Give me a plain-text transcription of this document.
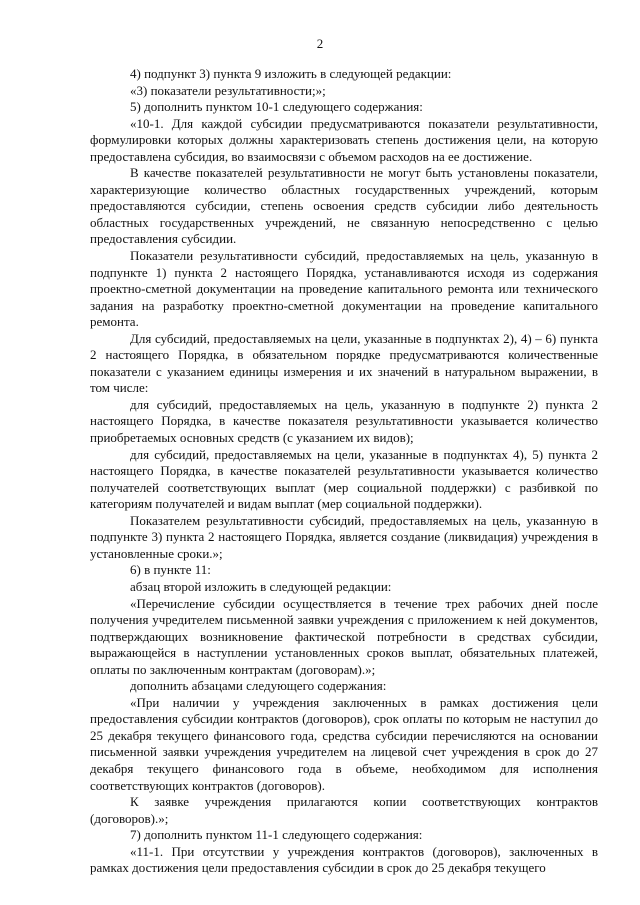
2

4) подпункт 3) пункта 9 изложить в следующей редакции:

«3) показатели результативности;»;

5) дополнить пунктом 10-1 следующего содержания:

«10-1. Для каждой субсидии предусматриваются показатели результативности, формулировки которых должны характеризовать степень достижения цели, на которую предоставлена субсидия, во взаимосвязи с объемом расходов на ее достижение.

В качестве показателей результативности не могут быть установлены показатели, характеризующие количество областных государственных учреждений, которым предоставляются субсидии, степень освоения средств субсидии либо деятельность областных государственных учреждений, не связанную непосредственно с целью предоставления субсидии.

Показатели результативности субсидий, предоставляемых на цель, указанную в подпункте 1) пункта 2 настоящего Порядка, устанавливаются исходя из содержания проектно-сметной документации на проведение капитального ремонта или технического задания на разработку проектно-сметной документации на проведение капитального ремонта.

Для субсидий, предоставляемых на цели, указанные в подпунктах 2), 4) – 6) пункта 2 настоящего Порядка, в обязательном порядке предусматриваются количественные показатели с указанием единицы измерения и их значений в натуральном выражении, в том числе:

для субсидий, предоставляемых на цель, указанную в подпункте 2) пункта 2 настоящего Порядка, в качестве показателя результативности указывается количество приобретаемых основных средств (с указанием их видов);

для субсидий, предоставляемых на цели, указанные в подпунктах 4), 5) пункта 2 настоящего Порядка, в качестве показателей результативности указывается количество получателей соответствующих выплат (мер социальной поддержки) с разбивкой по категориям получателей и видам выплат (мер социальной поддержки).

Показателем результативности субсидий, предоставляемых на цель, указанную в подпункте 3) пункта 2 настоящего Порядка, является создание (ликвидация) учреждения в установленные сроки.»;

6) в пункте 11:

абзац второй изложить в следующей редакции:

«Перечисление субсидии осуществляется в течение трех рабочих дней после получения учредителем письменной заявки учреждения с приложением к ней документов, подтверждающих возникновение фактической потребности в средствах субсидии, выражающейся в наступлении установленных сроков выплат, обязательных платежей, оплаты по заключенным контрактам (договорам).»;

дополнить абзацами следующего содержания:

«При наличии у учреждения заключенных в рамках достижения цели предоставления субсидии контрактов (договоров), срок оплаты по которым не наступил до 25 декабря текущего финансового года, средства субсидии перечисляются на основании письменной заявки учреждения учредителем на лицевой счет учреждения в срок до 27 декабря текущего финансового года в объеме, необходимом для исполнения соответствующих контрактов (договоров).

К заявке учреждения прилагаются копии соответствующих контрактов (договоров).»;

7) дополнить пунктом 11-1 следующего содержания:

«11-1. При отсутствии у учреждения контрактов (договоров), заключенных в рамках достижения цели предоставления субсидии в срок до 25 декабря текущего
